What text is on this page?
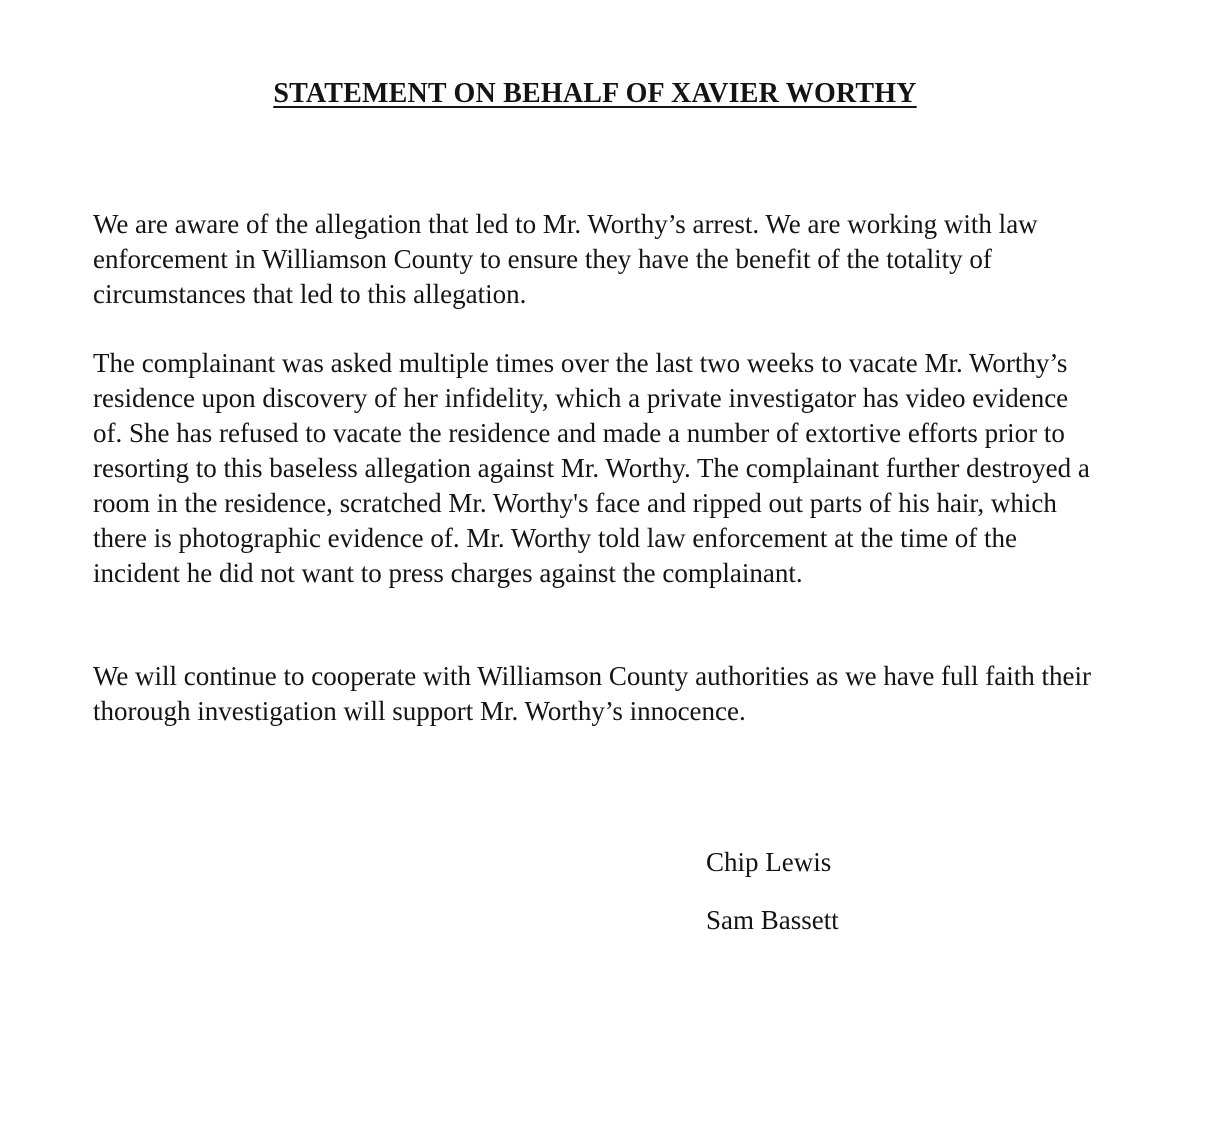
STATEMENT ON BEHALF OF XAVIER WORTHY

We are aware of the allegation that led to Mr. Worthy’s arrest. We are working with law enforcement in Williamson County to ensure they have the benefit of the totality of circumstances that led to this allegation.

The complainant was asked multiple times over the last two weeks to vacate Mr. Worthy’s residence upon discovery of her infidelity, which a private investigator has video evidence of. She has refused to vacate the residence and made a number of extortive efforts prior to resorting to this baseless allegation against Mr. Worthy. The complainant further destroyed a room in the residence, scratched Mr. Worthy's face and ripped out parts of his hair, which there is photographic evidence of. Mr. Worthy told law enforcement at the time of the incident he did not want to press charges against the complainant.

We will continue to cooperate with Williamson County authorities as we have full faith their thorough investigation will support Mr. Worthy’s innocence.

Chip Lewis
Sam Bassett
